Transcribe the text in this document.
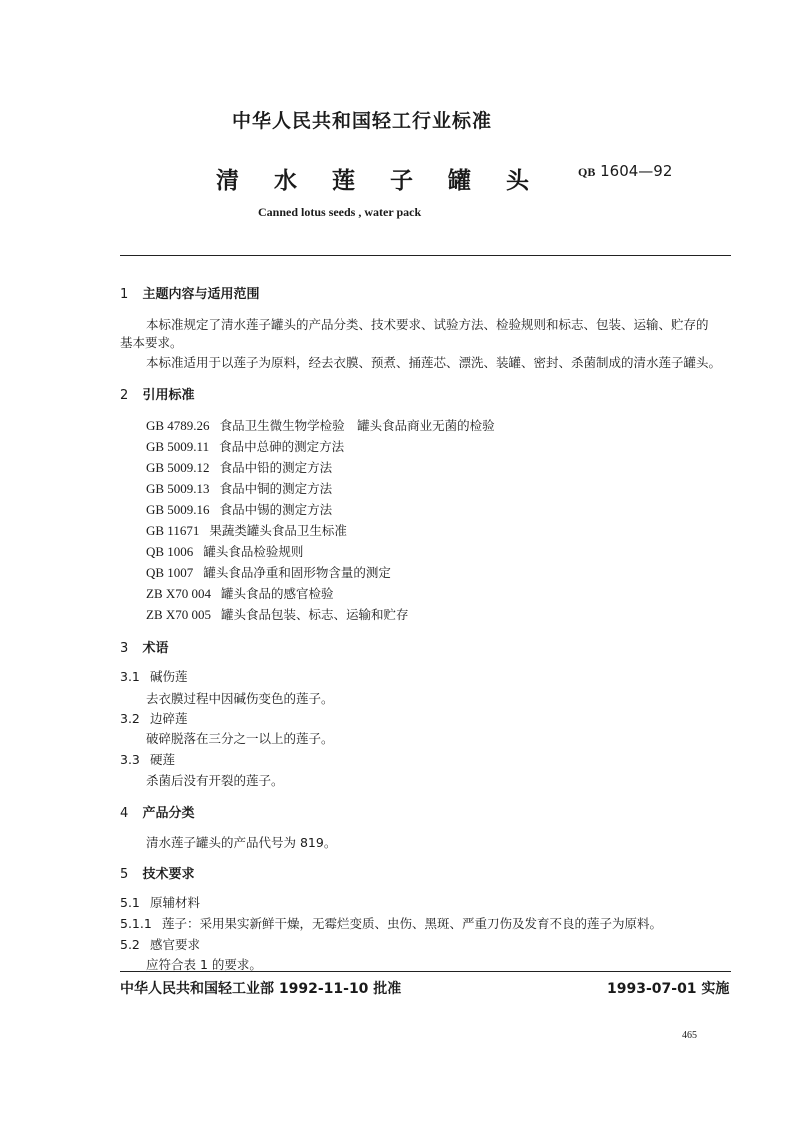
中华人民共和国轻工行业标准
清水莲子罐头 QB 1604—92
Canned lotus seeds , water pack
1 主题内容与适用范围
本标准规定了清水莲子罐头的产品分类、技术要求、试验方法、检验规则和标志、包装、运输、贮存的
基本要求。
本标准适用于以莲子为原料，经去衣膜、预煮、捅莲芯、漂洗、装罐、密封、杀菌制成的清水莲子罐头。
2 引用标准
GB 4789.26 食品卫生微生物学检验　罐头食品商业无菌的检验
GB 5009.11 食品中总砷的测定方法
GB 5009.12 食品中铅的测定方法
GB 5009.13 食品中铜的测定方法
GB 5009.16 食品中锡的测定方法
GB 11671 果蔬类罐头食品卫生标准
QB 1006 罐头食品检验规则
QB 1007 罐头食品净重和固形物含量的测定
ZB X70 004 罐头食品的感官检验
ZB X70 005 罐头食品包装、标志、运输和贮存
3 术语
3.1 碱伤莲
去衣膜过程中因碱伤变色的莲子。
3.2 边碎莲
破碎脱落在三分之一以上的莲子。
3.3 硬莲
杀菌后没有开裂的莲子。
4 产品分类
清水莲子罐头的产品代号为 819。
5 技术要求
5.1 原辅材料
5.1.1 莲子：采用果实新鲜干燥，无霉烂变质、虫伤、黑斑、严重刀伤及发育不良的莲子为原料。
5.2 感官要求
应符合表 1 的要求。
中华人民共和国轻工业部 1992-11-10 批准	1993-07-01 实施
465
